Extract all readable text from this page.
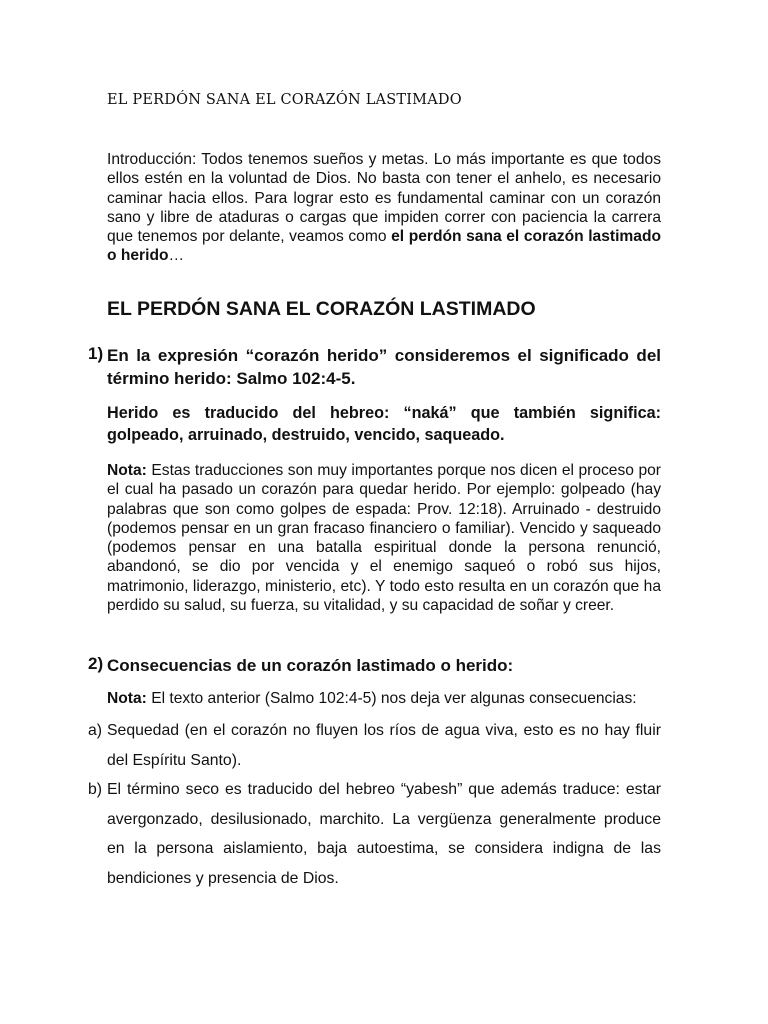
EL PERDÓN SANA EL CORAZÓN LASTIMADO
Introducción: Todos tenemos sueños y metas. Lo más importante es que todos ellos estén en la voluntad de Dios. No basta con tener el anhelo, es necesario caminar hacia ellos. Para lograr esto es fundamental caminar con un corazón sano y libre de ataduras o cargas que impiden correr con paciencia la carrera que tenemos por delante, veamos como el perdón sana el corazón lastimado o herido…
EL PERDÓN SANA EL CORAZÓN LASTIMADO
1) En la expresión “corazón herido” consideremos el significado del término herido: Salmo 102:4-5.
Herido es traducido del hebreo: “naká” que también significa: golpeado, arruinado, destruido, vencido, saqueado.
Nota: Estas traducciones son muy importantes porque nos dicen el proceso por el cual ha pasado un corazón para quedar herido. Por ejemplo: golpeado (hay palabras que son como golpes de espada: Prov. 12:18). Arruinado - destruido (podemos pensar en un gran fracaso financiero o familiar). Vencido y saqueado (podemos pensar en una batalla espiritual donde la persona renunció, abandonó, se dio por vencida y el enemigo saqueó o robó sus hijos, matrimonio, liderazgo, ministerio, etc). Y todo esto resulta en un corazón que ha perdido su salud, su fuerza, su vitalidad, y su capacidad de soñar y creer.
2) Consecuencias de un corazón lastimado o herido:
Nota: El texto anterior (Salmo 102:4-5) nos deja ver algunas consecuencias:
a) Sequedad (en el corazón no fluyen los ríos de agua viva, esto es no hay fluir del Espíritu Santo).
b) El término seco es traducido del hebreo “yabesh” que además traduce: estar avergonzado, desilusionado, marchito. La vergüenza generalmente produce en la persona aislamiento, baja autoestima, se considera indigna de las bendiciones y presencia de Dios.
